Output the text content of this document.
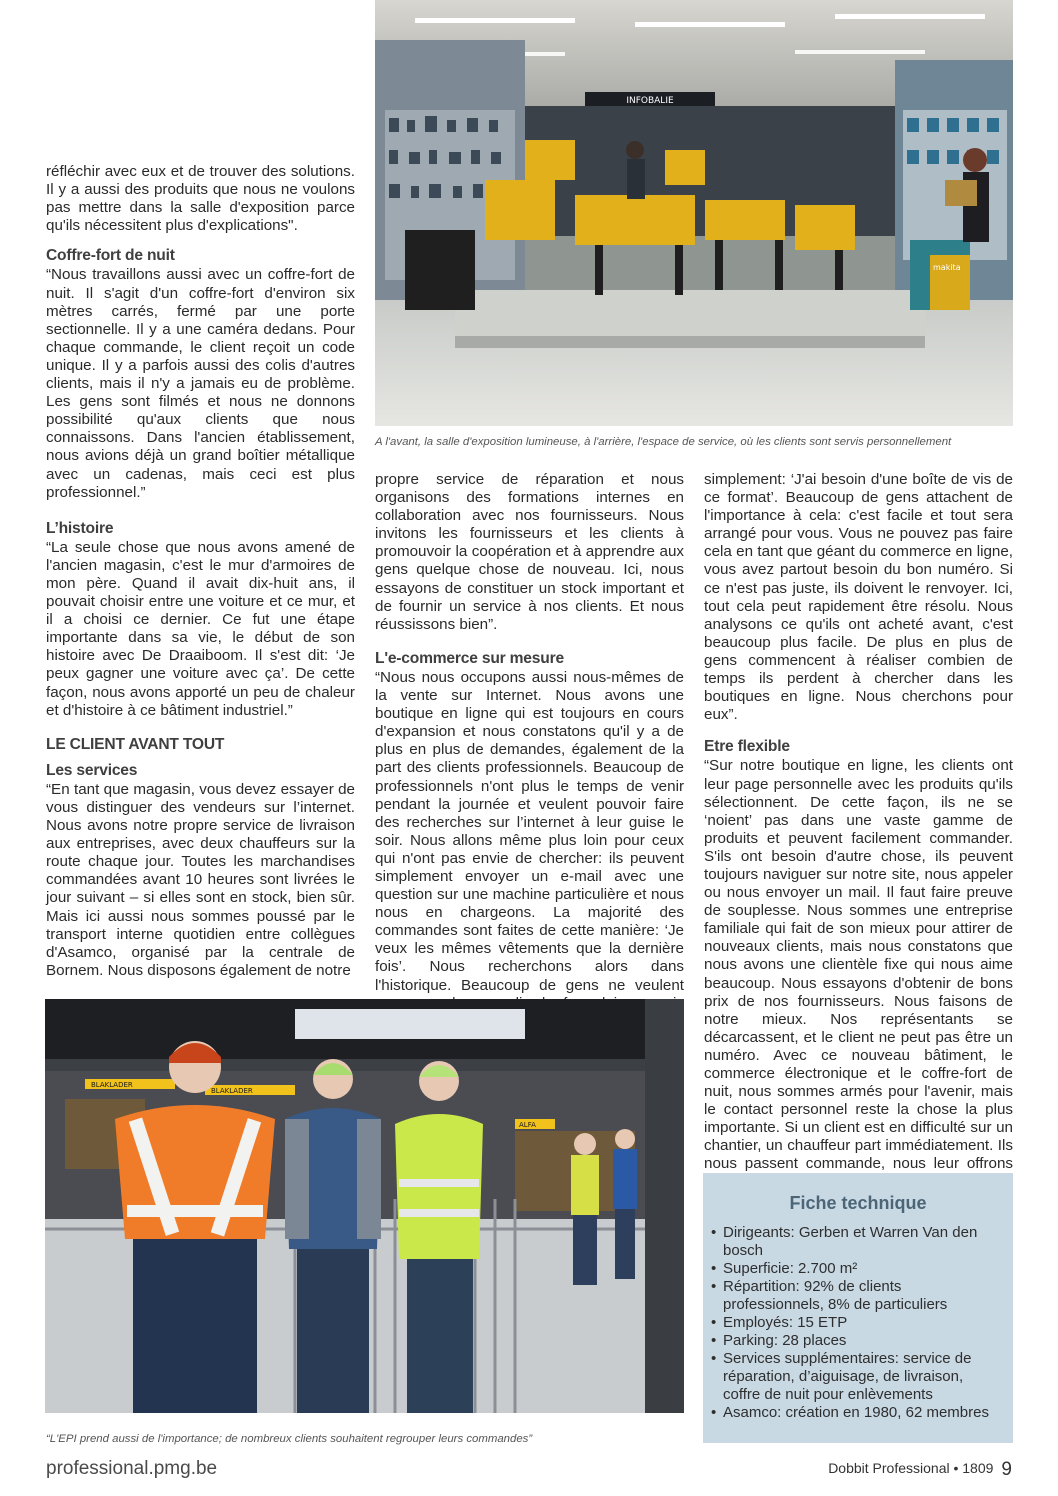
réfléchir avec eux et de trouver des solutions. Il y a aussi des produits que nous ne voulons pas mettre dans la salle d'exposition parce qu'ils nécessitent plus d'explications".

Coffre-fort de nuit

“Nous travaillons aussi avec un coffre-fort de nuit. Il s'agit d'un coffre-fort d'environ six mètres carrés, fermé par une porte sectionnelle. Il y a une caméra dedans. Pour chaque commande, le client reçoit un code unique. Il y a parfois aussi des colis d'autres clients, mais il n'y a jamais eu de problème. Les gens sont filmés et nous ne donnons possibilité qu'aux clients que nous connaissons. Dans l'ancien établissement, nous avions déjà un grand boîtier métallique avec un cadenas, mais ceci est plus professionnel.”

L’histoire

“La seule chose que nous avons amené de l'ancien magasin, c'est le mur d'armoires de mon père. Quand il avait dix-huit ans, il pouvait choisir entre une voiture et ce mur, et il a choisi ce dernier. Ce fut une étape importante dans sa vie, le début de son histoire avec De Draaiboom. Il s'est dit: ‘Je peux gagner une voiture avec ça’. De cette façon, nous avons apporté un peu de chaleur et d'histoire à ce bâtiment industriel.”

LE CLIENT AVANT TOUT
Les services

“En tant que magasin, vous devez essayer de vous distinguer des vendeurs sur l’internet. Nous avons notre propre service de livraison aux entreprises, avec deux chauffeurs sur la route chaque jour. Toutes les marchandises commandées avant 10 heures sont livrées le jour suivant – si elles sont en stock, bien sûr. Mais ici aussi nous sommes poussé par le transport interne quotidien entre collègues d'Asamco, organisé par la centrale de Bornem. Nous disposons également de notre

propre service de réparation et nous organisons des formations internes en collaboration avec nos fournisseurs. Nous invitons les fournisseurs et les clients à promouvoir la coopération et à apprendre aux gens quelque chose de nouveau. Ici, nous essayons de constituer un stock important et de fournir un service à nos clients. Et nous réussissons bien”.

L'e-commerce sur mesure

“Nous nous occupons aussi nous-mêmes de la vente sur Internet. Nous avons une boutique en ligne qui est toujours en cours d'expansion et nous constatons qu'il y a de plus en plus de demandes, également de la part des clients professionnels. Beaucoup de professionnels n'ont plus le temps de venir pendant la journée et veulent pouvoir faire des recherches sur l’internet à leur guise le soir. Nous allons même plus loin pour ceux qui n'ont pas envie de chercher: ils peuvent simplement envoyer un e-mail avec une question sur une machine particulière et nous nous en chargeons. La majorité des commandes sont faites de cette manière: ‘Je veux les mêmes vêtements que la dernière fois’. Nous recherchons alors dans l'historique. Beaucoup de gens ne veulent

simplement: ‘J'ai besoin d'une boîte de vis de ce format’. Beaucoup de gens attachent de l'importance à cela: c'est facile et tout sera arrangé pour vous. Vous ne pouvez pas faire cela en tant que géant du commerce en ligne, vous avez partout besoin du bon numéro. Si ce n'est pas juste, ils doivent le renvoyer. Ici, tout cela peut rapidement être résolu. Nous analysons ce qu'ils ont acheté avant, c'est beaucoup plus facile. De plus en plus de gens commencent à réaliser combien de temps ils perdent à chercher dans les boutiques en ligne. Nous cherchons pour eux”.

Etre flexible

“Sur notre boutique en ligne, les clients ont leur page personnelle avec les produits qu'ils sélectionnent. De cette façon, ils ne se ‘noient’ pas dans une vaste gamme de produits et peuvent facilement commander. S'ils ont besoin d'autre chose, ils peuvent toujours naviguer sur notre site, nous appeler ou nous envoyer un mail. Il faut faire preuve de souplesse. Nous sommes une entreprise familiale qui fait de son mieux pour attirer de nouveaux clients, mais nous constatons que nous avons une clientèle fixe qui nous aime beaucoup. Nous essayons d'obtenir de bons prix de nos fournisseurs. Nous faisons de notre mieux. Nos représentants se décarcassent, et le client ne peut pas être un numéro. Avec ce nouveau bâtiment, le commerce électronique et le coffre-fort de nuit, nous sommes armés pour l'avenir, mais le contact personnel reste la chose la plus importante. Si un client est en difficulté sur un chantier, un chauffeur part immédiatement. Ils nous passent commande, nous leur offrons

INFOBALIE
makita
A l'avant, la salle d'exposition lumineuse, à l'arrière, l'espace de service, où les clients sont servis personnellement
BLAKLADER
BLAKLADER
ALFA
“L'EPI prend aussi de l'importance; de nombreux clients souhaitent regrouper leurs commandes”
Fiche technique
• Dirigeants: Gerben et Warren Van den bosch
• Superficie: 2.700 m²
• Répartition: 92% de clients professionnels, 8% de particuliers
• Employés: 15 ETP
• Parking: 28 places
• Services supplémentaires: service de réparation, d’aiguisage, de livraison, coffre de nuit pour enlèvements
• Asamco: création en 1980, 62 membres
professional.pmg.be	Dobbit Professional • 1809 9
